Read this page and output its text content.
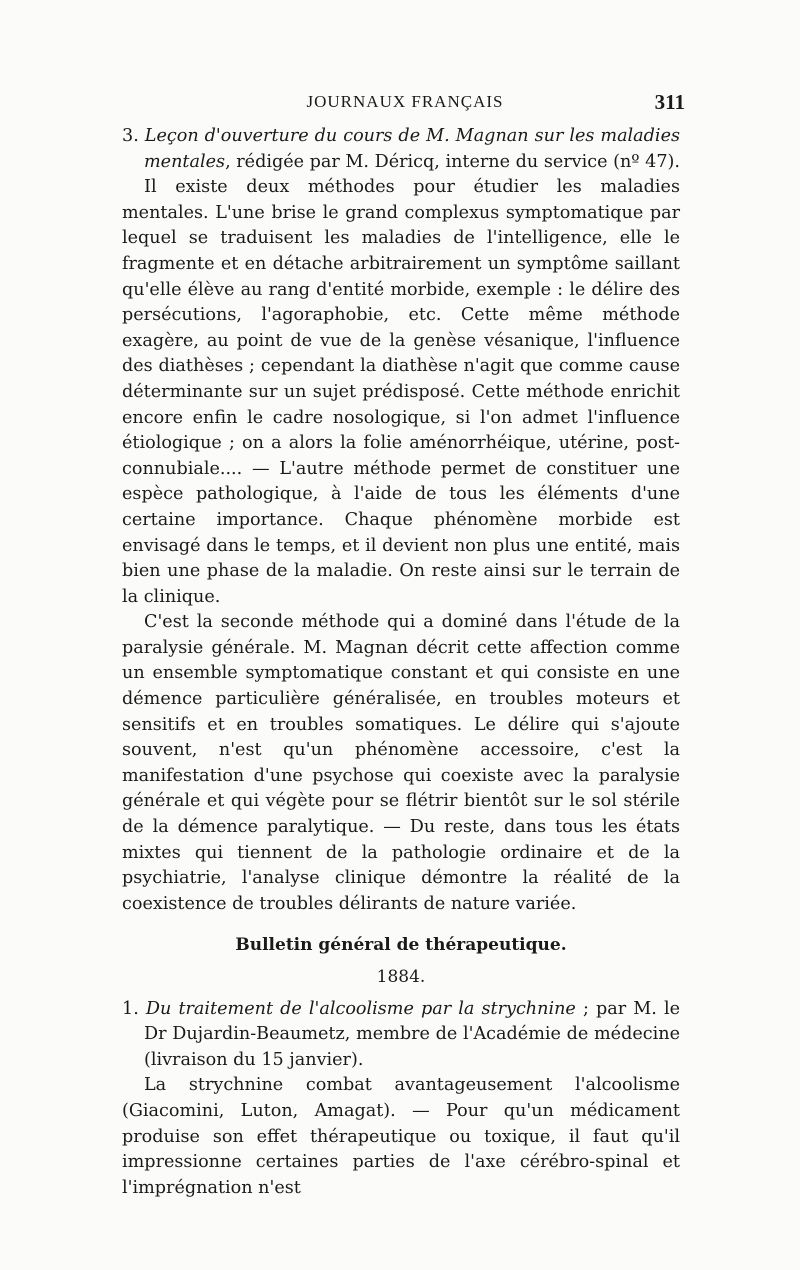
JOURNAUX FRANÇAIS	311

3. Leçon d'ouverture du cours de M. Magnan sur les maladies mentales, rédigée par M. Déricq, interne du service (nº 47).

Il existe deux méthodes pour étudier les maladies mentales. L'une brise le grand complexus symptomatique par lequel se traduisent les maladies de l'intelligence, elle le fragmente et en détache arbitrairement un symptôme saillant qu'elle élève au rang d'entité morbide, exemple : le délire des persécutions, l'agoraphobie, etc. Cette même méthode exagère, au point de vue de la genèse vésanique, l'influence des diathèses ; cependant la diathèse n'agit que comme cause déterminante sur un sujet prédisposé. Cette méthode enrichit encore enfin le cadre nosologique, si l'on admet l'influence étiologique ; on a alors la folie aménorrhéique, utérine, post-connubiale.... — L'autre méthode permet de constituer une espèce pathologique, à l'aide de tous les éléments d'une certaine importance. Chaque phénomène morbide est envisagé dans le temps, et il devient non plus une entité, mais bien une phase de la maladie. On reste ainsi sur le terrain de la clinique.

C'est la seconde méthode qui a dominé dans l'étude de la paralysie générale. M. Magnan décrit cette affection comme un ensemble symptomatique constant et qui consiste en une démence particulière généralisée, en troubles moteurs et sensitifs et en troubles somatiques. Le délire qui s'ajoute souvent, n'est qu'un phénomène accessoire, c'est la manifestation d'une psychose qui coexiste avec la paralysie générale et qui végète pour se flétrir bientôt sur le sol stérile de la démence paralytique. — Du reste, dans tous les états mixtes qui tiennent de la pathologie ordinaire et de la psychiatrie, l'analyse clinique démontre la réalité de la coexistence de troubles délirants de nature variée.

Bulletin général de thérapeutique.
1884.

1. Du traitement de l'alcoolisme par la strychnine ; par M. le Dr Dujardin-Beaumetz, membre de l'Académie de médecine (livraison du 15 janvier).

La strychnine combat avantageusement l'alcoolisme (Giacomini, Luton, Amagat). — Pour qu'un médicament produise son effet thérapeutique ou toxique, il faut qu'il impressionne certaines parties de l'axe cérébro-spinal et l'imprégnation n'est
